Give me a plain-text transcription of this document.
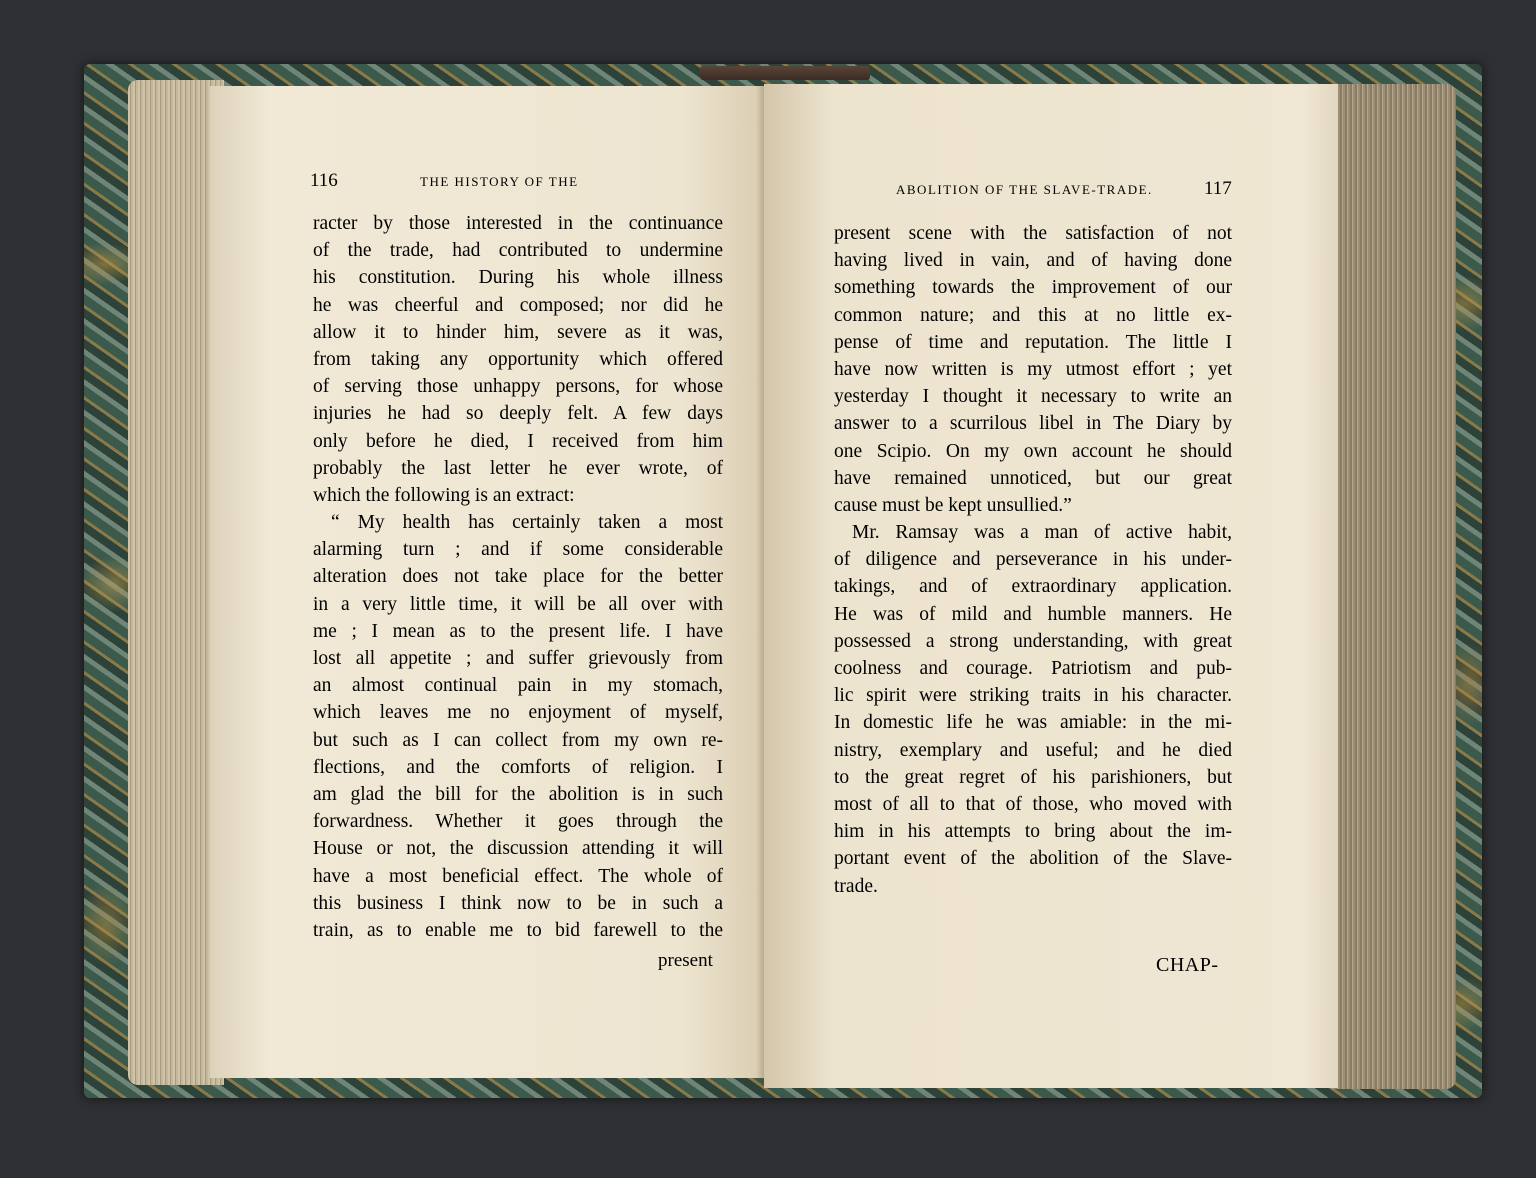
116	THE HISTORY OF THE
racter by those interested in the continuance
of the trade, had contributed to undermine
his constitution. During his whole illness
he was cheerful and composed; nor did he
allow it to hinder him, severe as it was,
from taking any opportunity which offered
of serving those unhappy persons, for whose
injuries he had so deeply felt. A few days
only before he died, I received from him
probably the last letter he ever wrote, of
which the following is an extract:
“ My health has certainly taken a most
alarming turn ; and if some considerable
alteration does not take place for the better
in a very little time, it will be all over with
me ; I mean as to the present life. I have
lost all appetite ; and suffer grievously from
an almost continual pain in my stomach,
which leaves me no enjoyment of myself,
but such as I can collect from my own re-
flections, and the comforts of religion. I
am glad the bill for the abolition is in such
forwardness. Whether it goes through the
House or not, the discussion attending it will
have a most beneficial effect. The whole of
this business I think now to be in such a
train, as to enable me to bid farewell to the
present
ABOLITION OF THE SLAVE-TRADE.	117
present scene with the satisfaction of not
having lived in vain, and of having done
something towards the improvement of our
common nature; and this at no little ex-
pense of time and reputation. The little I
have now written is my utmost effort ; yet
yesterday I thought it necessary to write an
answer to a scurrilous libel in The Diary by
one Scipio. On my own account he should
have remained unnoticed, but our great
cause must be kept unsullied.”
Mr. Ramsay was a man of active habit,
of diligence and perseverance in his under-
takings, and of extraordinary application.
He was of mild and humble manners. He
possessed a strong understanding, with great
coolness and courage. Patriotism and pub-
lic spirit were striking traits in his character.
In domestic life he was amiable: in the mi-
nistry, exemplary and useful; and he died
to the great regret of his parishioners, but
most of all to that of those, who moved with
him in his attempts to bring about the im-
portant event of the abolition of the Slave-
trade.
CHAP-
